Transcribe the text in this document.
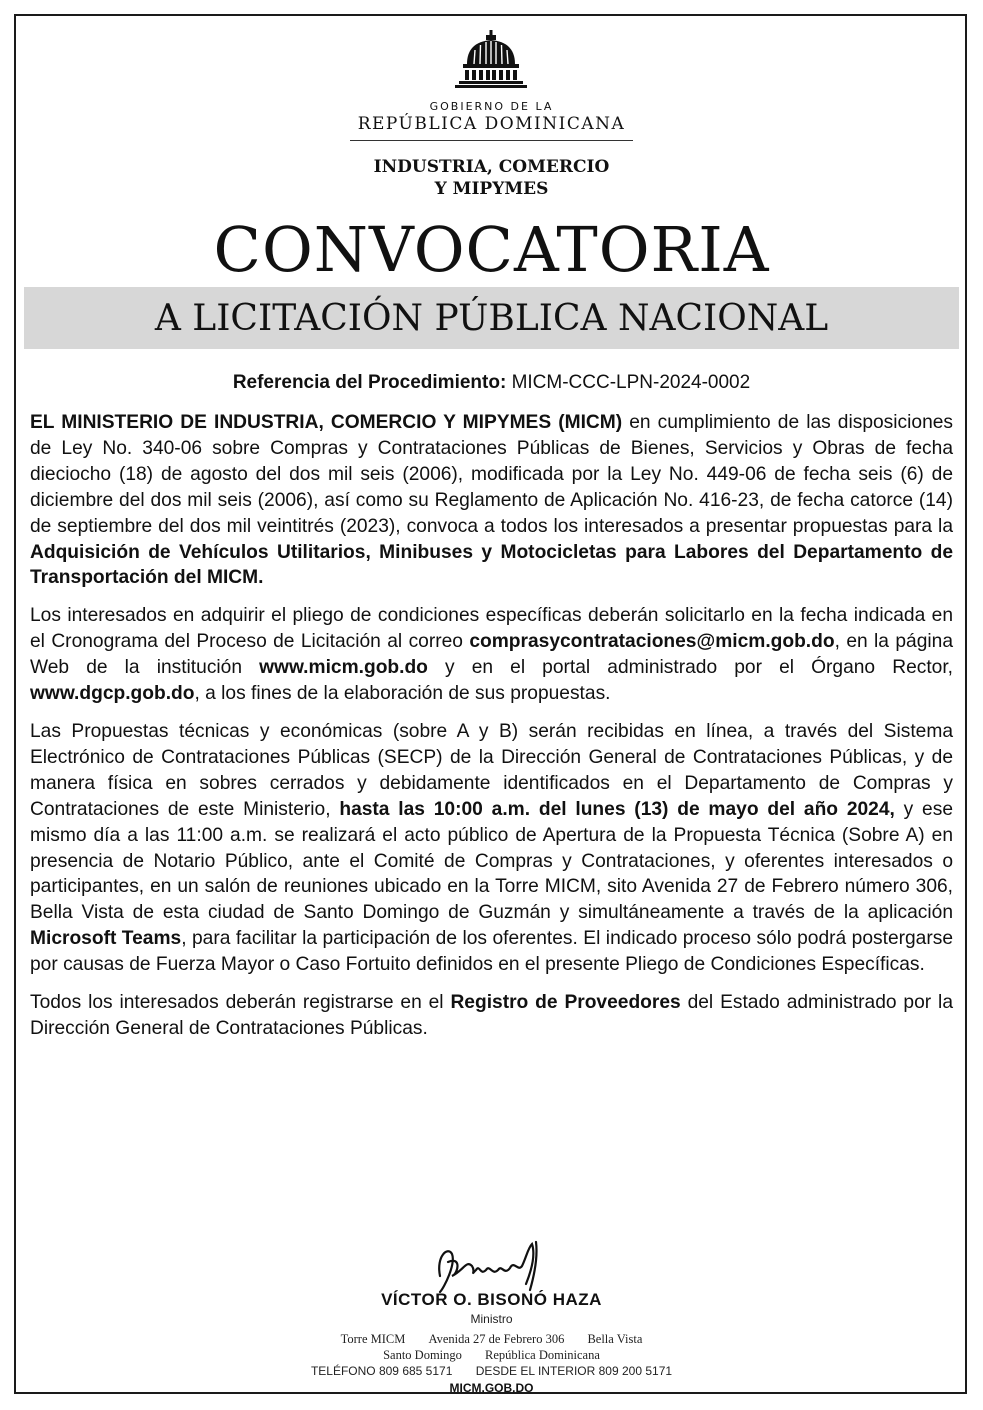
GOBIERNO DE LA
REPÚBLICA DOMINICANA
INDUSTRIA, COMERCIO
Y MIPYMES
CONVOCATORIA
A LICITACIÓN PÚBLICA NACIONAL
Referencia del Procedimiento: MICM-CCC-LPN-2024-0002

EL MINISTERIO DE INDUSTRIA, COMERCIO Y MIPYMES (MICM) en cumplimiento de las disposiciones de Ley No. 340-06 sobre Compras y Contrataciones Públicas de Bienes, Servicios y Obras de fecha dieciocho (18) de agosto del dos mil seis (2006), modificada por la Ley No. 449-06 de fecha seis (6) de diciembre del dos mil seis (2006), así como su Reglamento de Aplicación No. 416-23, de fecha catorce (14) de septiembre del dos mil veintitrés (2023), convoca a todos los interesados a presentar propuestas para la Adquisición de Vehículos Utilitarios, Minibuses y Motocicletas para Labores del Departamento de Transportación del MICM.

Los interesados en adquirir el pliego de condiciones específicas deberán solicitarlo en la fecha indicada en el Cronograma del Proceso de Licitación al correo comprasycontrataciones@micm.gob.do, en la página Web de la institución www.micm.gob.do y en el portal administrado por el Órgano Rector, www.dgcp.gob.do, a los fines de la elaboración de sus propuestas.

Las Propuestas técnicas y económicas (sobre A y B) serán recibidas en línea, a través del Sistema Electrónico de Contrataciones Públicas (SECP) de la Dirección General de Contrataciones Públicas, y de manera física en sobres cerrados y debidamente identificados en el Departamento de Compras y Contrataciones de este Ministerio, hasta las 10:00 a.m. del lunes (13) de mayo del año 2024, y ese mismo día a las 11:00 a.m. se realizará el acto público de Apertura de la Propuesta Técnica (Sobre A) en presencia de Notario Público, ante el Comité de Compras y Contrataciones, y oferentes interesados o participantes, en un salón de reuniones ubicado en la Torre MICM, sito Avenida 27 de Febrero número 306, Bella Vista de esta ciudad de Santo Domingo de Guzmán y simultáneamente a través de la aplicación Microsoft Teams, para facilitar la participación de los oferentes. El indicado proceso sólo podrá postergarse por causas de Fuerza Mayor o Caso Fortuito definidos en el presente Pliego de Condiciones Específicas.

Todos los interesados deberán registrarse en el Registro de Proveedores del Estado administrado por la Dirección General de Contrataciones Públicas.

VÍCTOR O. BISONÓ HAZA
Ministro
Torre MICM Avenida 27 de Febrero 306 Bella Vista
Santo Domingo República Dominicana
TELÉFONO 809 685 5171 DESDE EL INTERIOR 809 200 5171
MICM.GOB.DO
